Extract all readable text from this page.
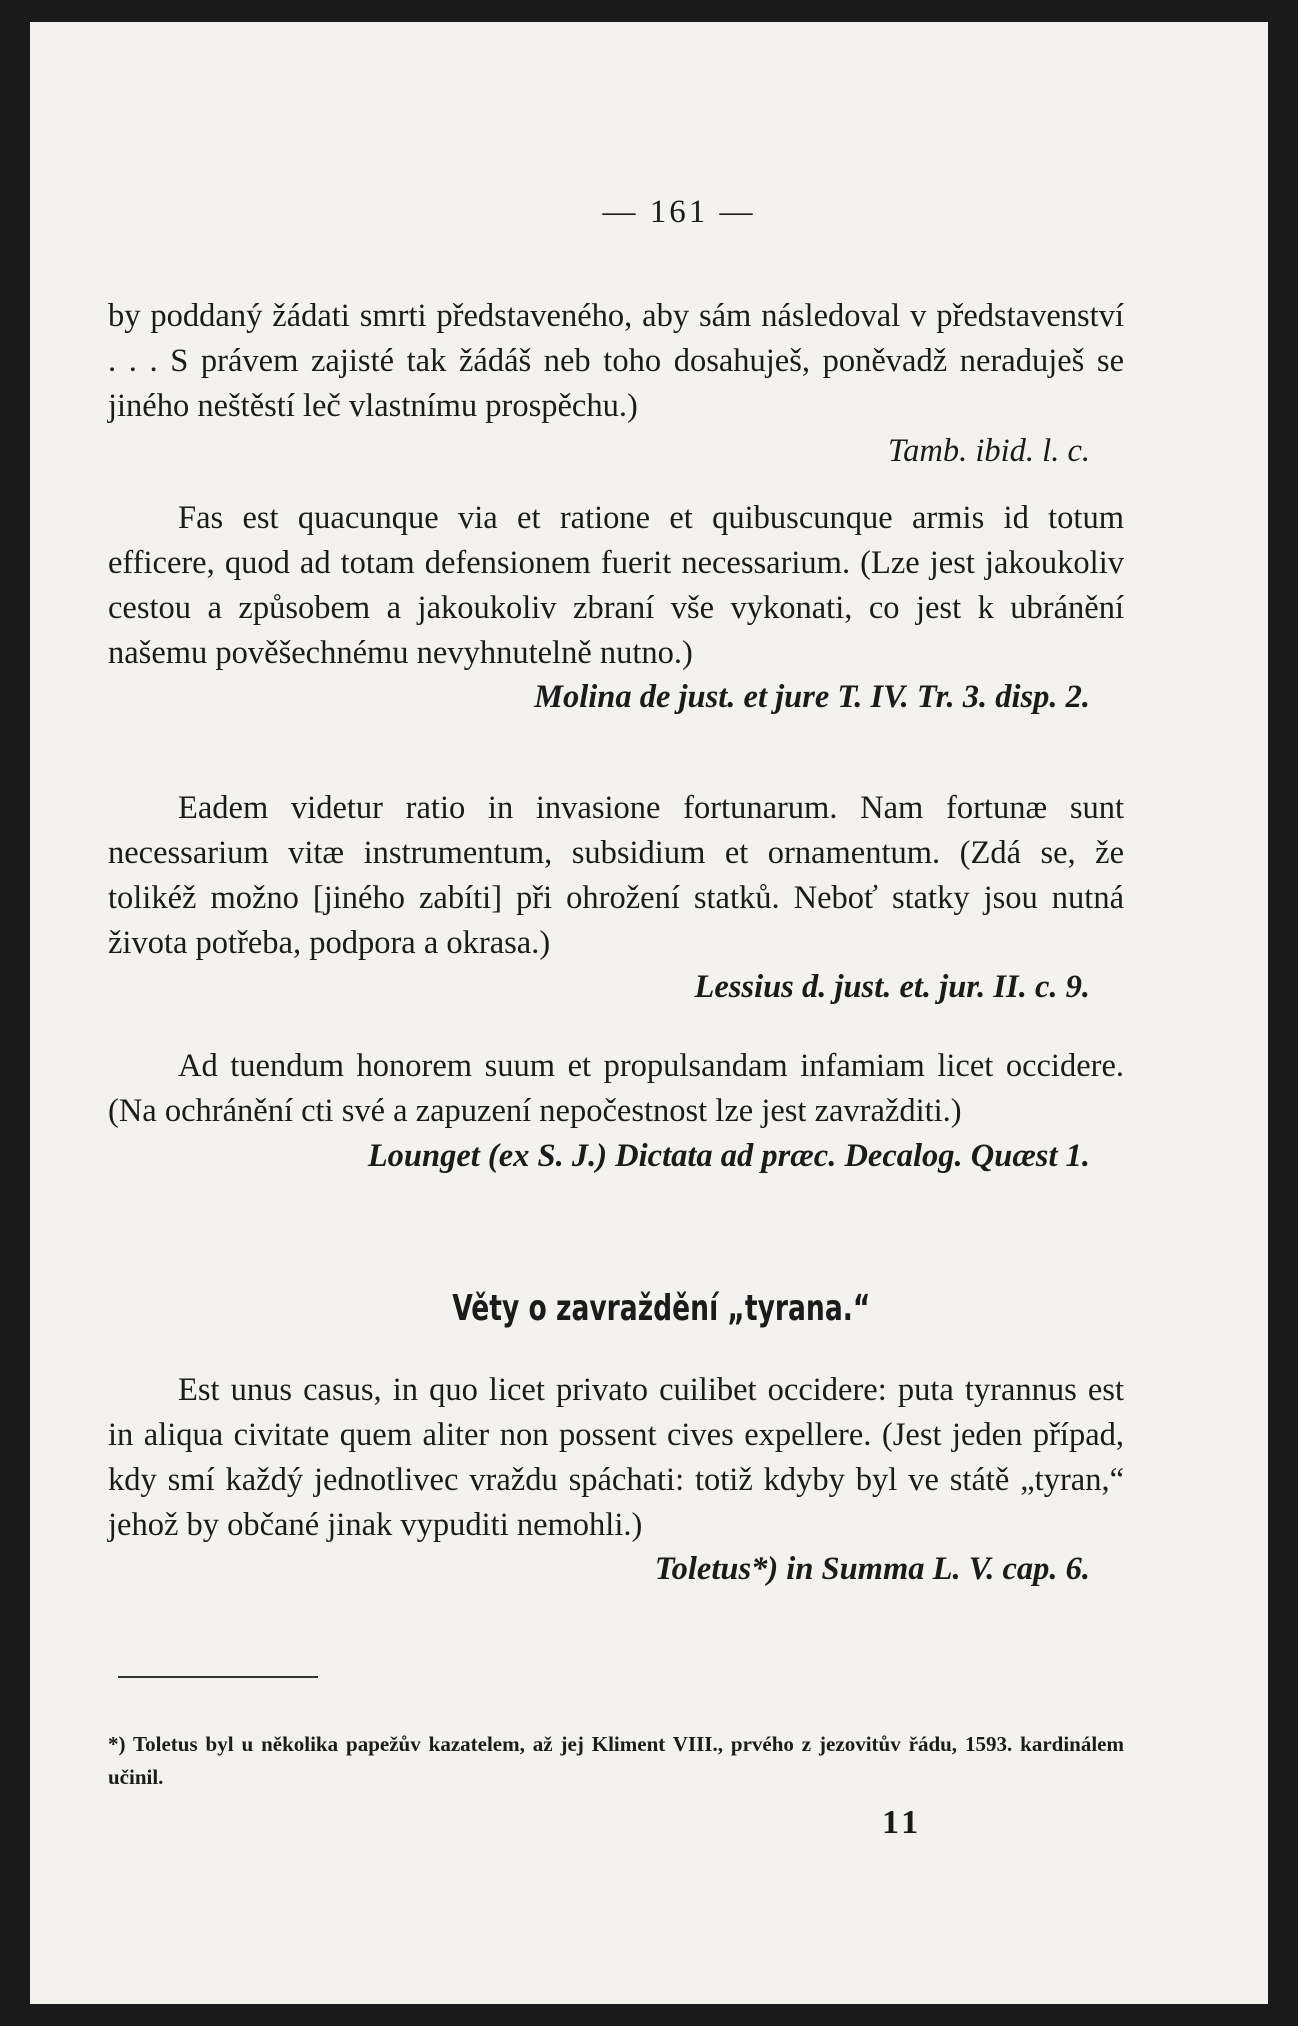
— 161 —

by poddaný žádati smrti představeného, aby sám následoval v představenství . . . S právem zajisté tak žádáš neb toho dosahuješ, poněvadž neraduješ se jiného neštěstí leč vlastnímu prospěchu.)

Tamb. ibid. l. c.

Fas est quacunque via et ratione et quibuscunque armis id totum efficere, quod ad totam defensionem fuerit necessarium. (Lze jest jakoukoliv cestou a způsobem a jakoukoliv zbraní vše vykonati, co jest k ubránění našemu pověšechnému nevyhnutelně nutno.)

Molina de just. et jure T. IV. Tr. 3. disp. 2.

Eadem videtur ratio in invasione fortunarum. Nam fortunæ sunt necessarium vitæ instrumentum, subsidium et ornamentum. (Zdá se, že tolikéž možno [jiného zabíti] při ohrožení statků. Neboť statky jsou nutná života potřeba, podpora a okrasa.)

Lessius d. just. et. jur. II. c. 9.

Ad tuendum honorem suum et propulsandam infamiam licet occidere. (Na ochránění cti své a zapuzení nepočestnost lze jest zavražditi.)

Lounget (ex S. J.) Dictata ad præc. Decalog. Quæst 1.

Věty o zavraždění „tyrana.“

Est unus casus, in quo licet privato cuilibet occidere: puta tyrannus est in aliqua civitate quem aliter non possent cives expellere. (Jest jeden případ, kdy smí každý jednotlivec vraždu spáchati: totiž kdyby byl ve státě „tyran,“ jehož by občané jinak vypuditi nemohli.)

Toletus*) in Summa L. V. cap. 6.

*) Toletus byl u několika papežův kazatelem, až jej Kliment VIII., prvého z jezovitův řádu, 1593. kardinálem učinil.

11
